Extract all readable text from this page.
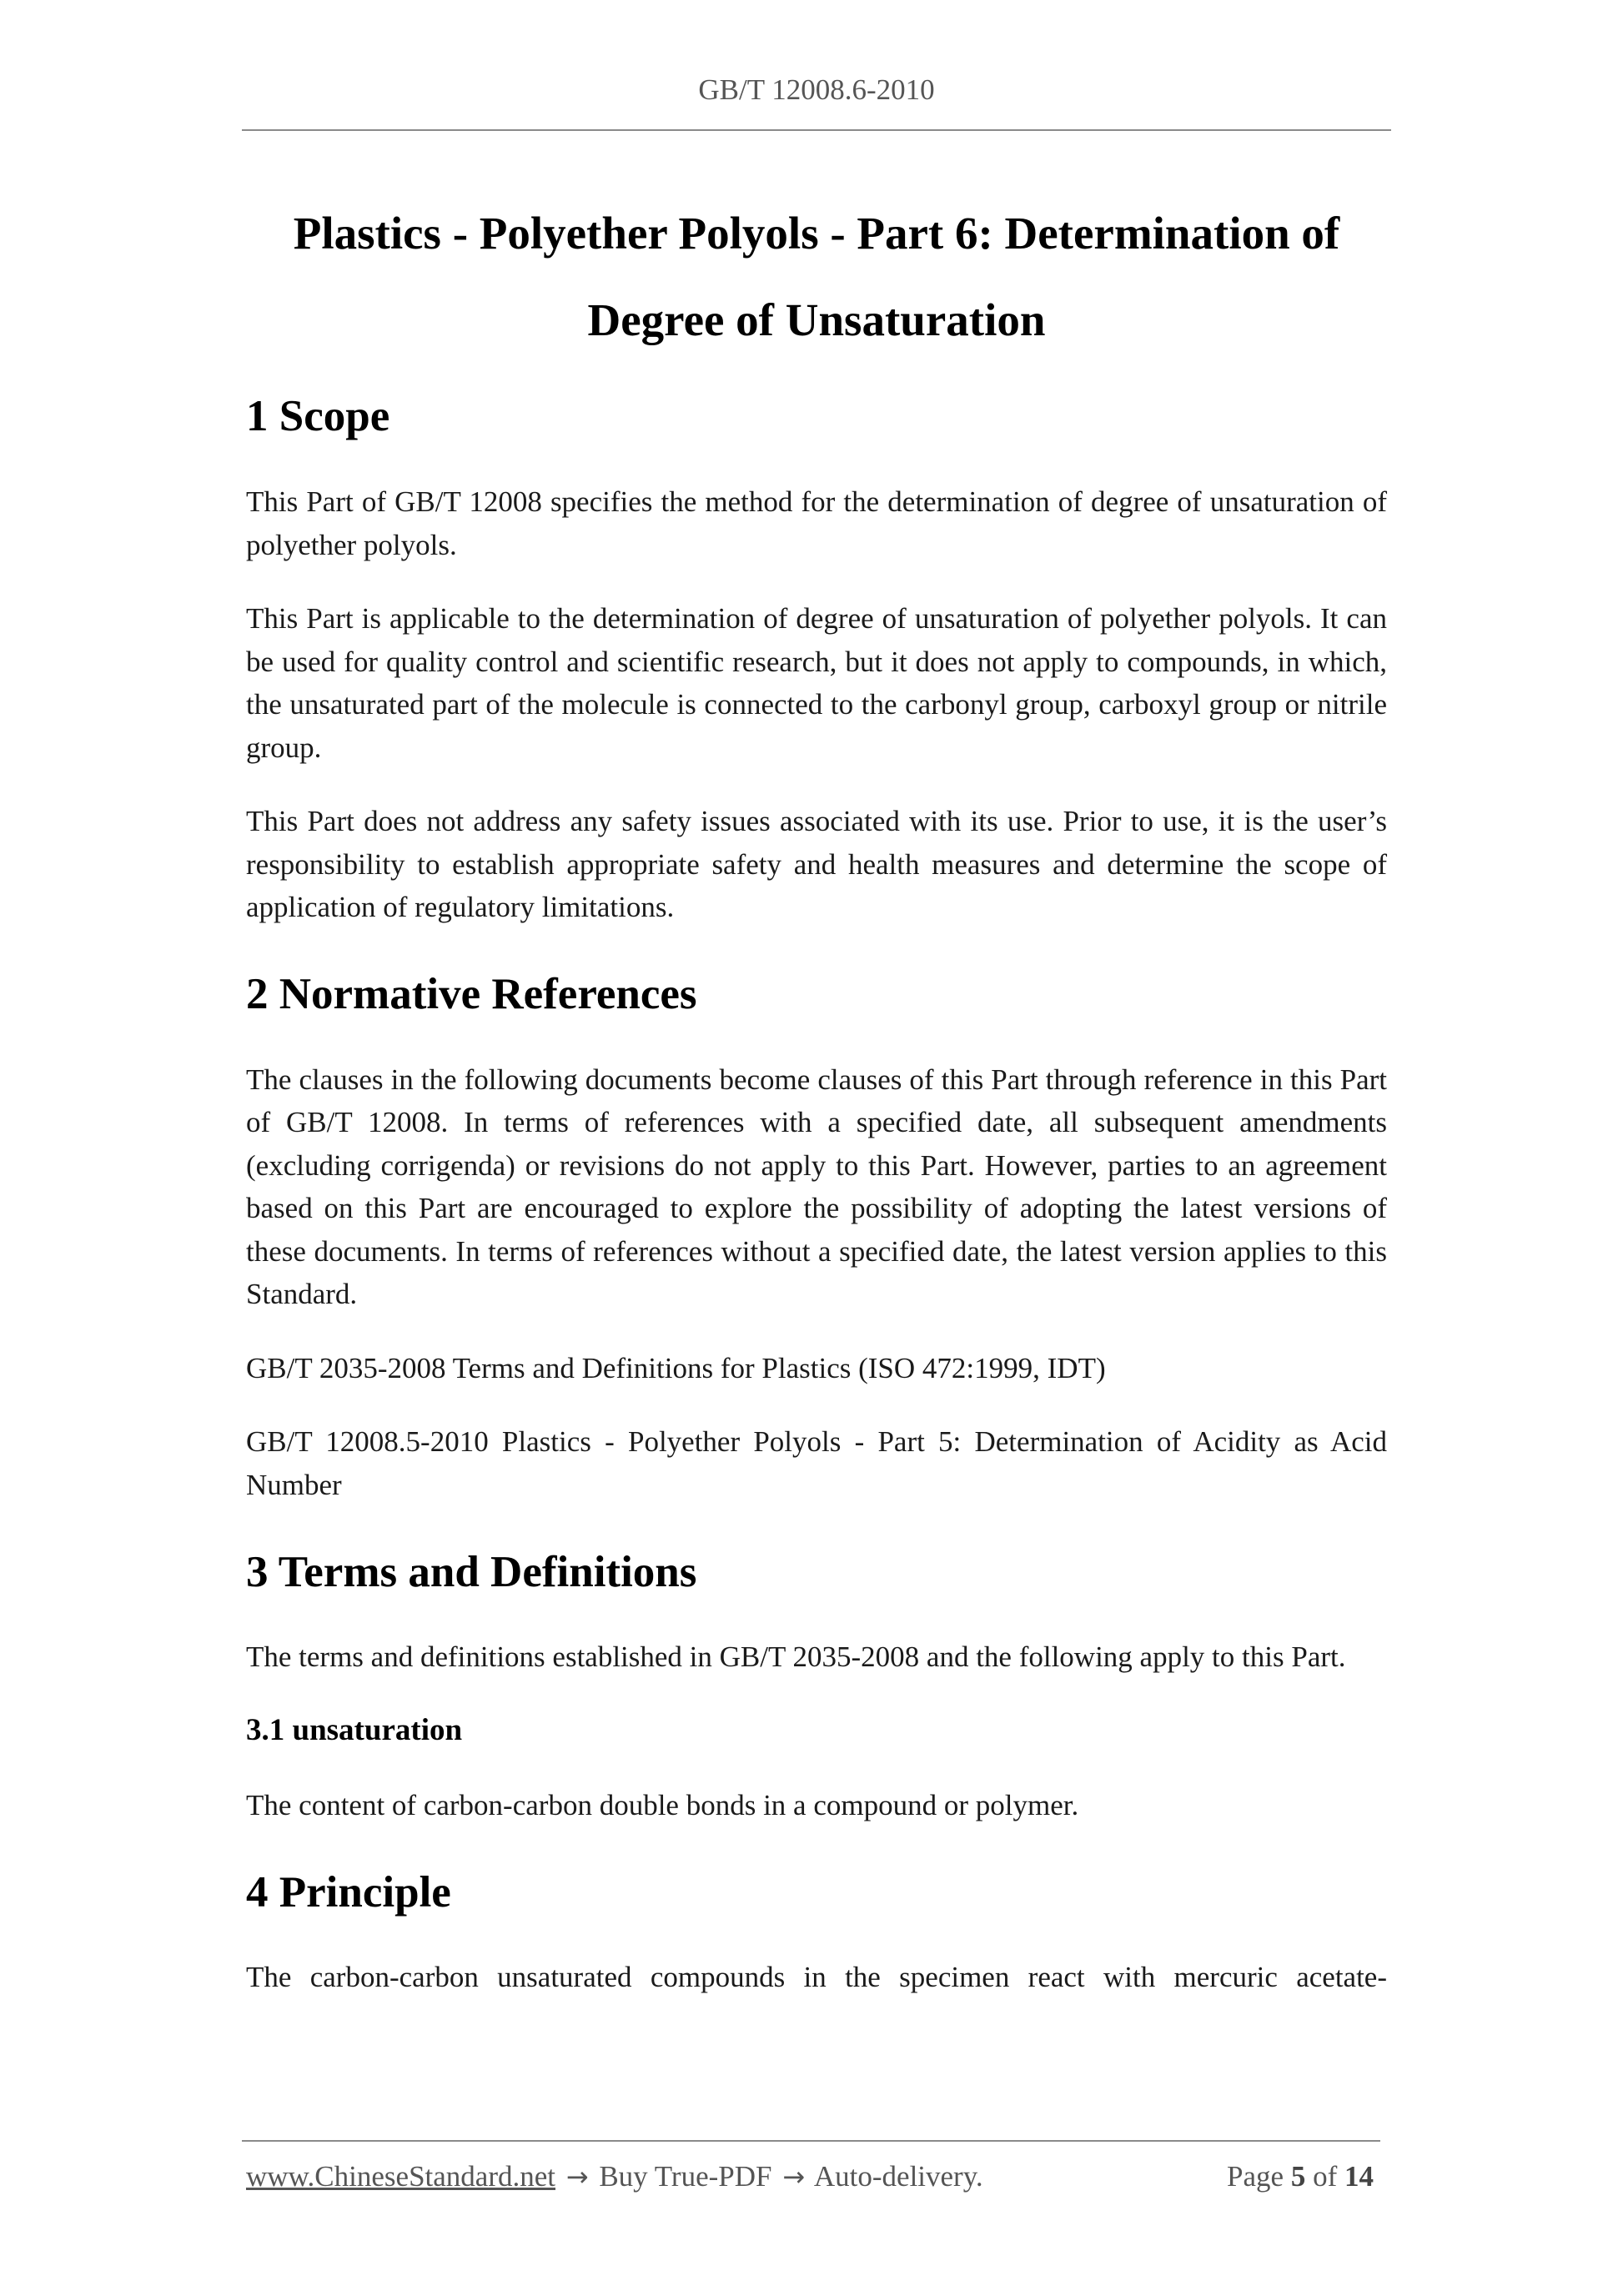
GB/T 12008.6-2010
Plastics - Polyether Polyols - Part 6: Determination of
Degree of Unsaturation
1 Scope

This Part of GB/T 12008 specifies the method for the determination of degree of unsaturation of polyether polyols.

This Part is applicable to the determination of degree of unsaturation of polyether polyols. It can be used for quality control and scientific research, but it does not apply to compounds, in which, the unsaturated part of the molecule is connected to the carbonyl group, carboxyl group or nitrile group.

This Part does not address any safety issues associated with its use. Prior to use, it is the user’s responsibility to establish appropriate safety and health measures and determine the scope of application of regulatory limitations.

2 Normative References

The clauses in the following documents become clauses of this Part through reference in this Part of GB/T 12008. In terms of references with a specified date, all subsequent amendments (excluding corrigenda) or revisions do not apply to this Part. However, parties to an agreement based on this Part are encouraged to explore the possibility of adopting the latest versions of these documents. In terms of references without a specified date, the latest version applies to this Standard.

GB/T 2035-2008 Terms and Definitions for Plastics (ISO 472:1999, IDT)

GB/T 12008.5-2010 Plastics - Polyether Polyols - Part 5: Determination of Acidity as Acid Number

3 Terms and Definitions

The terms and definitions established in GB/T 2035-2008 and the following apply to this Part.

3.1 unsaturation

The content of carbon-carbon double bonds in a compound or polymer.

4 Principle

The carbon-carbon unsaturated compounds in the specimen react with mercuric acetate-

www.ChineseStandard.net → Buy True-PDF → Auto-delivery.	Page 5 of 14
